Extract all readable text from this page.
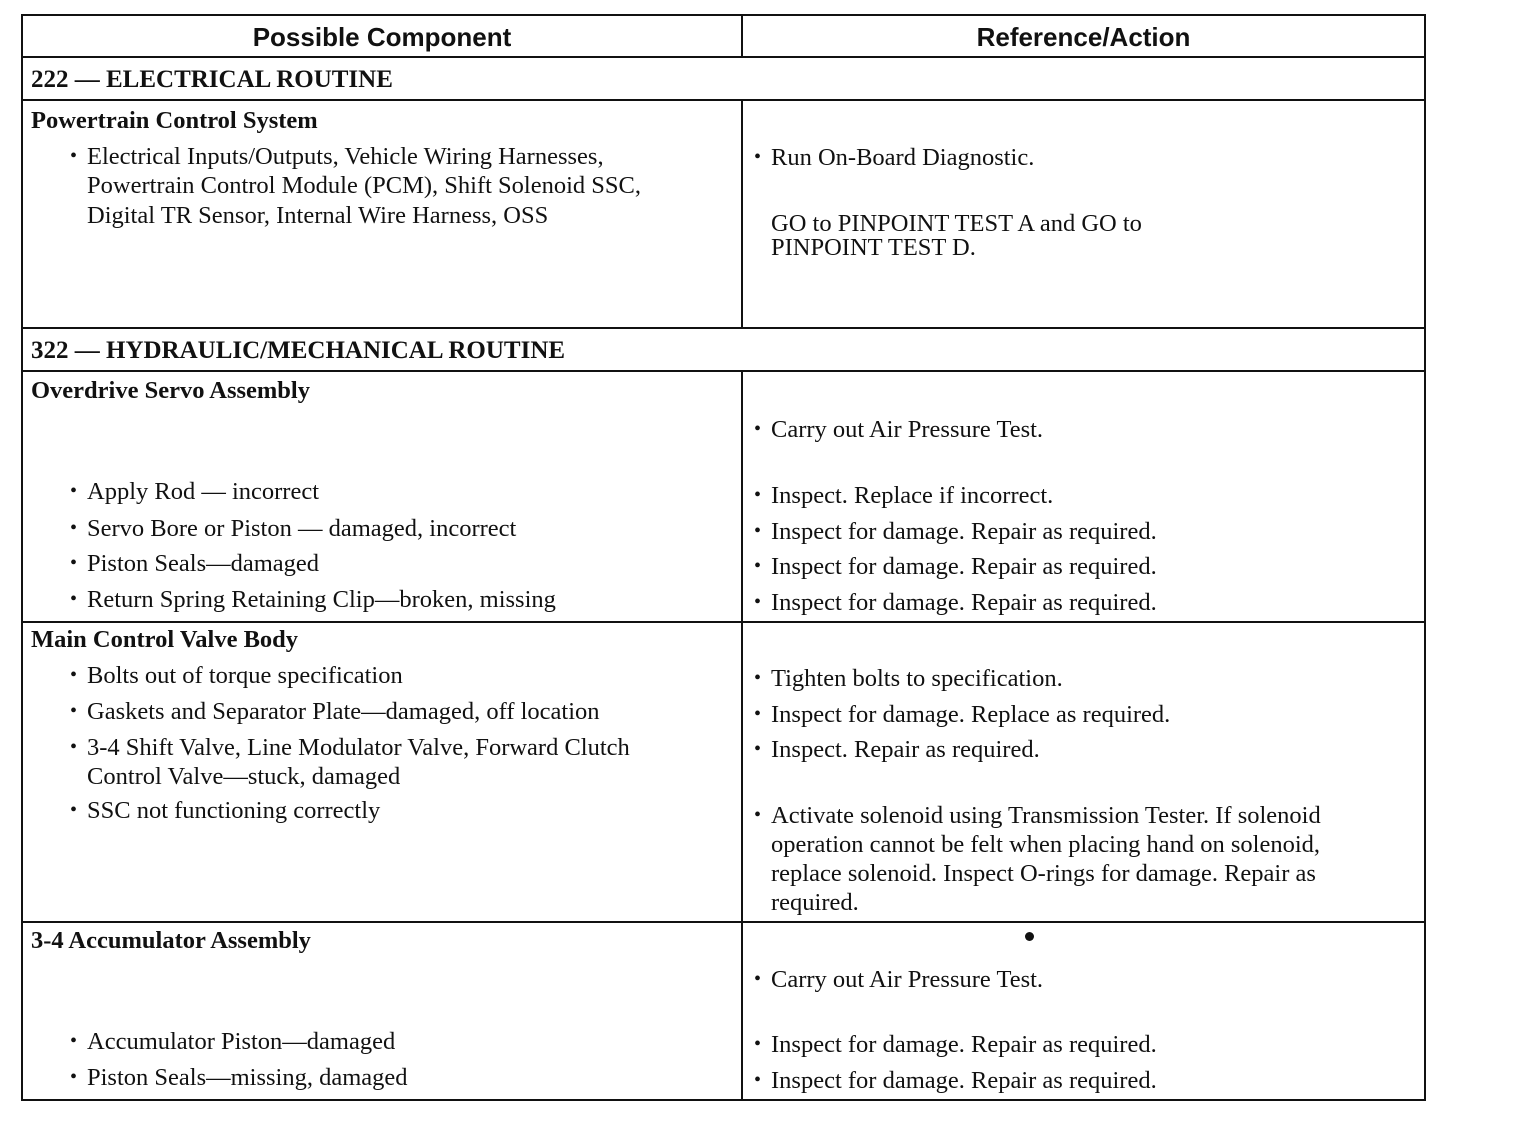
Possible Component	Reference/Action
222 — ELECTRICAL ROUTINE
Powertrain Control System
• Electrical Inputs/Outputs, Vehicle Wiring Harnesses,
Powertrain Control Module (PCM), Shift Solenoid SSC,
Digital TR Sensor, Internal Wire Harness, OSS
• Run On-Board Diagnostic.
GO to PINPOINT TEST A and GO to
PINPOINT TEST D.
322 — HYDRAULIC/MECHANICAL ROUTINE
Overdrive Servo Assembly
• Apply Rod — incorrect
• Servo Bore or Piston — damaged, incorrect
• Piston Seals—damaged
• Return Spring Retaining Clip—broken, missing
• Carry out Air Pressure Test.
• Inspect. Replace if incorrect.
• Inspect for damage. Repair as required.
• Inspect for damage. Repair as required.
• Inspect for damage. Repair as required.
Main Control Valve Body
• Bolts out of torque specification
• Gaskets and Separator Plate—damaged, off location
• 3-4 Shift Valve, Line Modulator Valve, Forward Clutch
Control Valve—stuck, damaged
• SSC not functioning correctly
• Tighten bolts to specification.
• Inspect for damage. Replace as required.
• Inspect. Repair as required.
• Activate solenoid using Transmission Tester. If solenoid
operation cannot be felt when placing hand on solenoid,
replace solenoid. Inspect O-rings for damage. Repair as
required.
3-4 Accumulator Assembly
• Accumulator Piston—damaged
• Piston Seals—missing, damaged
• Carry out Air Pressure Test.
• Inspect for damage. Repair as required.
• Inspect for damage. Repair as required.
